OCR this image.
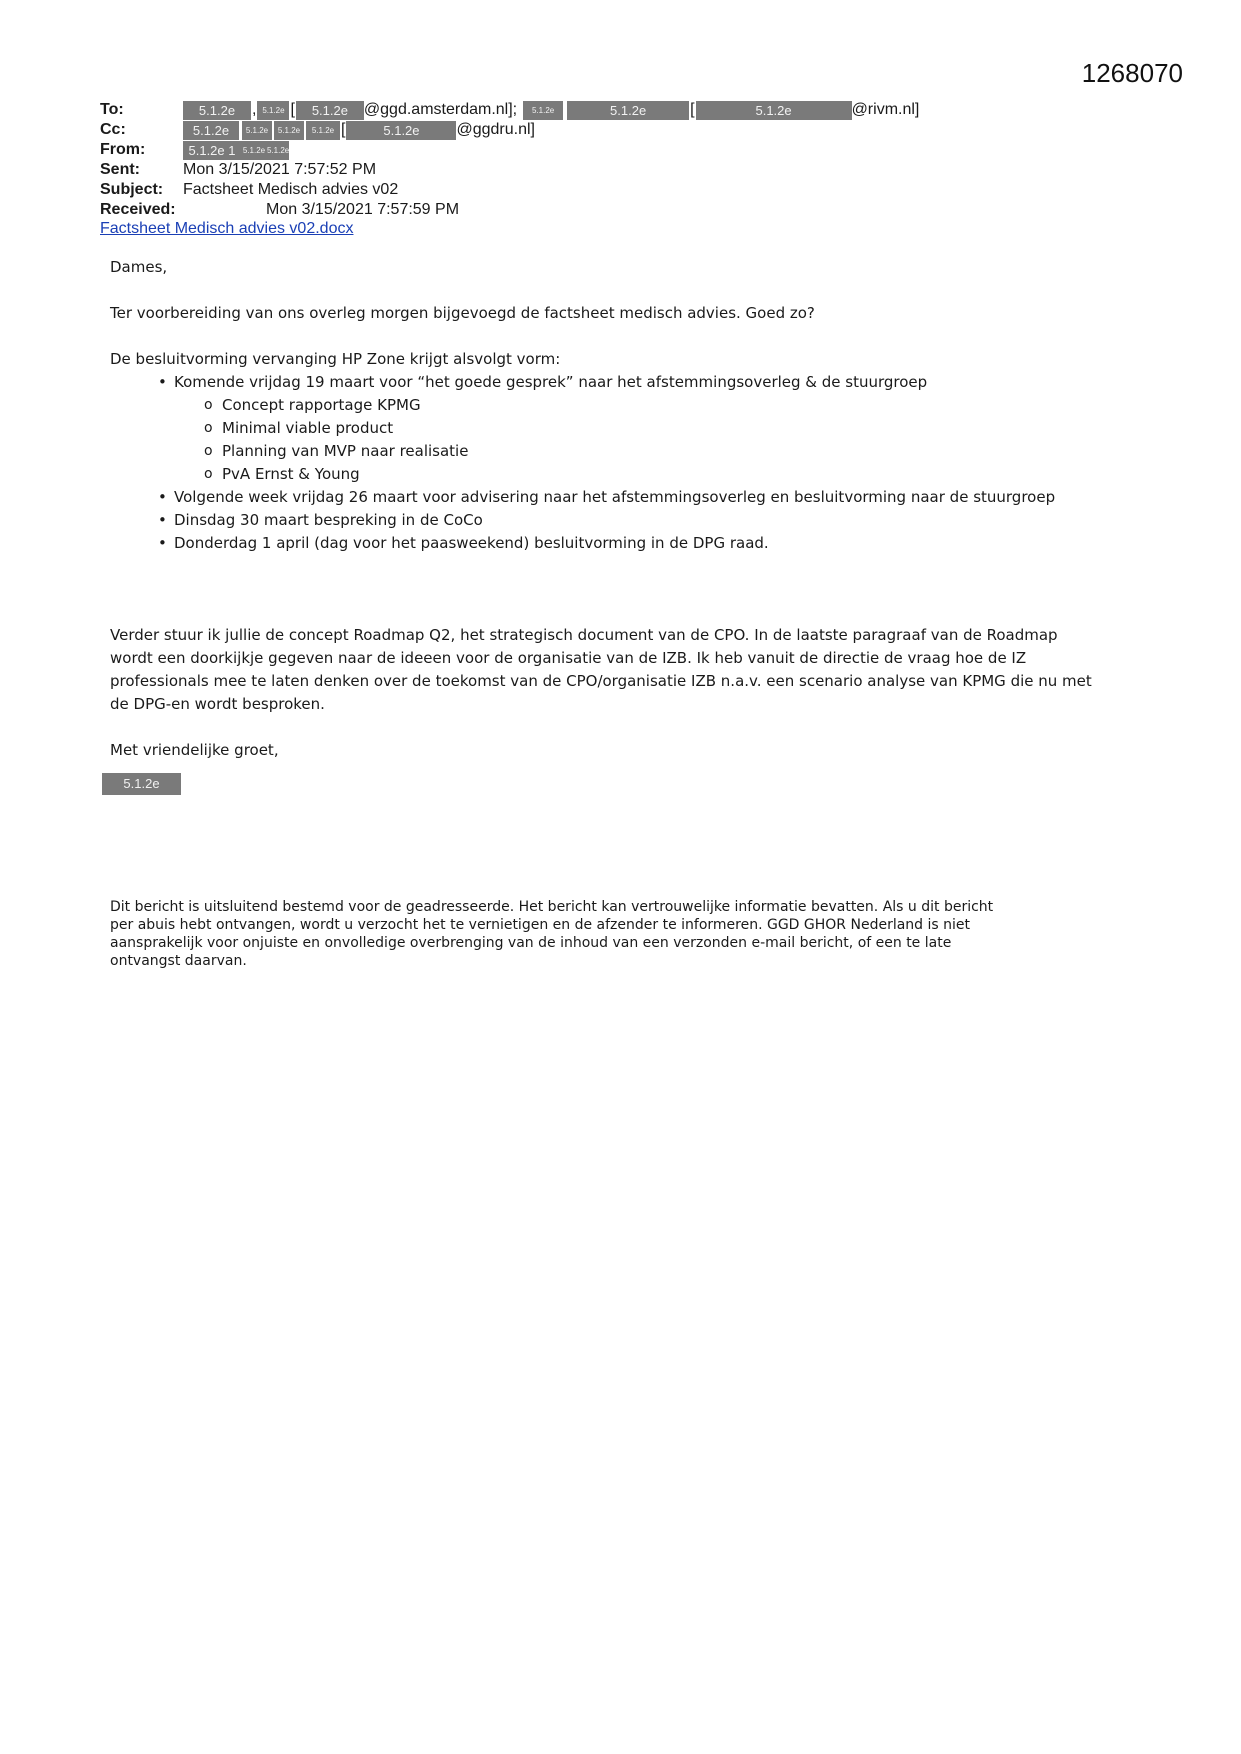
1268070
To:	5.1.2e	, 5.1.2e [	5.1.2e @ggd.amsterdam.nl];	5.1.2e	5.1.2e	[	5.1.2e	@rivm.nl]
Cc:	5.1.2e	5.1.2e	5.1.2e	5.1.2e [	5.1.2e	@ggdru.nl]
From:	5.1.2e 1 5.1.2e 5.1.2e
Sent:	Mon 3/15/2021 7:57:52 PM
Subject: Factsheet Medisch advies v02
Received:	Mon 3/15/2021 7:57:59 PM
Factsheet Medisch advies v02.docx

Dames,

Ter voorbereiding van ons overleg morgen bijgevoegd de factsheet medisch advies. Goed zo?

De besluitvorming vervanging HP Zone krijgt alsvolgt vorm:

• Komende vrijdag 19 maart voor “het goede gesprek” naar het afstemmingsoverleg & de stuurgroep
o Concept rapportage KPMG
o Minimal viable product
o Planning van MVP naar realisatie
o PvA Ernst & Young
• Volgende week vrijdag 26 maart voor advisering naar het afstemmingsoverleg en besluitvorming naar de stuurgroep
• Dinsdag 30 maart bespreking in de CoCo
• Donderdag 1 april (dag voor het paasweekend) besluitvorming in de DPG raad.

Verder stuur ik jullie de concept Roadmap Q2, het strategisch document van de CPO. In de laatste paragraaf van de Roadmap

wordt een doorkijkje gegeven naar de ideeen voor de organisatie van de IZB. Ik heb vanuit de directie de vraag hoe de IZ

professionals mee te laten denken over de toekomst van de CPO/organisatie IZB n.a.v. een scenario analyse van KPMG die nu met

de DPG-en wordt besproken.

Met vriendelijke groet,

5.1.2e
Dit bericht is uitsluitend bestemd voor de geadresseerde. Het bericht kan vertrouwelijke informatie bevatten. Als u dit bericht
per abuis hebt ontvangen, wordt u verzocht het te vernietigen en de afzender te informeren. GGD GHOR Nederland is niet
aansprakelijk voor onjuiste en onvolledige overbrenging van de inhoud van een verzonden e-mail bericht, of een te late
ontvangst daarvan.
